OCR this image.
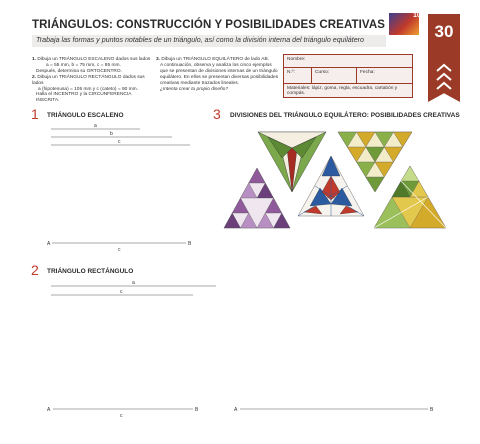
TRIÁNGULOS: CONSTRUCCIÓN Y POSIBILIDADES CREATIVAS
Trabaja las formas y puntos notables de un triángulo, así como la división interna del triángulo equilátero
10
30
1. Dibuja un TRIÁNGULO ESCALENO dados sus lados
a = 55 mm, b = 75 mm, c = 85 mm.
Después, determina su ORTOCENTRO.
2. Dibuja un TRIÁNGULO RECTÁNGULO dados sus lados
a (hipotenusa) = 105 mm y c (cateto) = 90 mm.
Halla el INCENTRO y la CIRCUNFERENCIA INSCRITA.
3. Dibuja un TRIÁNGULO EQUILÁTERO de lado AB.
A continuación, observa y analiza los cinco ejemplos
que se presentan de divisiones internas de un triángulo
equilátero. En ellos se presentan diversas posibilidades
creativas mediante trazados lineales.
¿Intenta crear tu propio diseño?
Nombre:
N.º:	Curso:	Fecha:
Materiales: lápiz, goma, regla, escuadra, cartabón y compás.
1 TRIÁNGULO ESCALENO
2 TRIÁNGULO RECTÁNGULO
3 DIVISIONES DEL TRIÁNGULO EQUILÁTERO: POSIBILIDADES CREATIVAS
a
b
c
A	B
c
a
c
A	B
c
A	B
